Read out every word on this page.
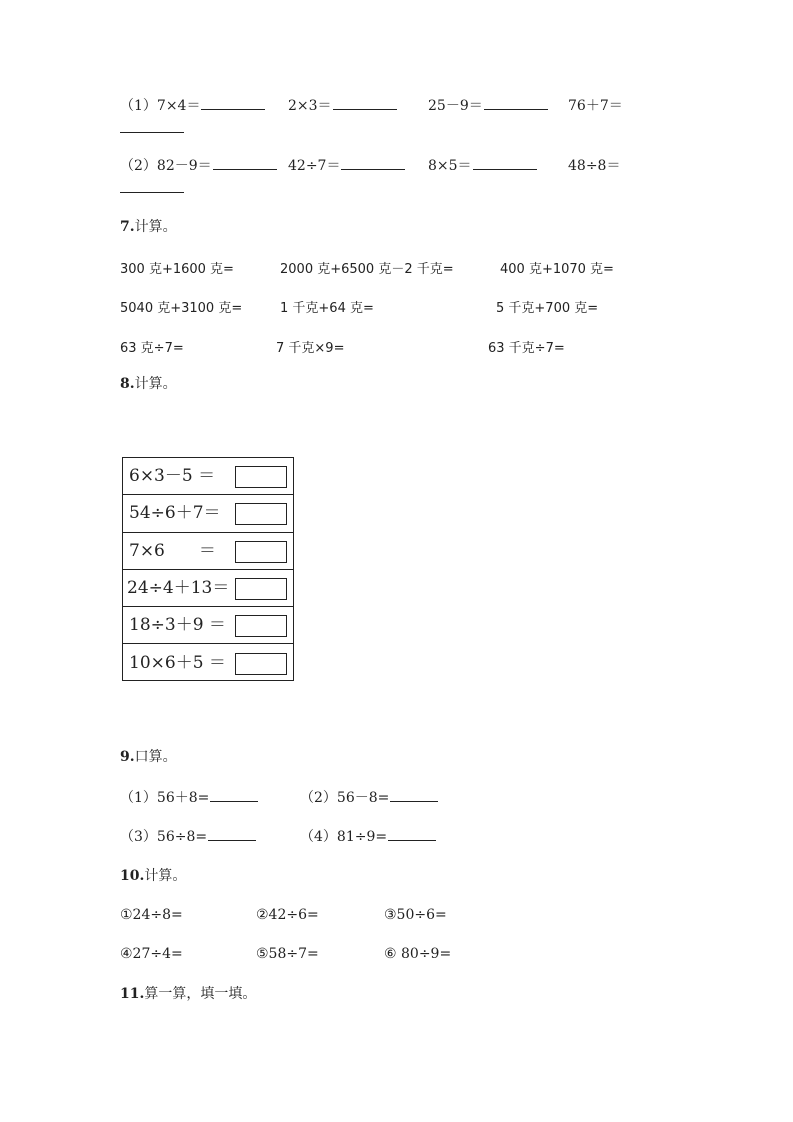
（1）7×4＝	2×3＝	25－9＝	76＋7＝
（2）82－9＝	42÷7＝	8×5＝	48÷8＝
7.计算。
300 克+1600 克=	2000 克+6500 克－2 千克=	400 克+1070 克=
5040 克+3100 克=	1 千克+64 克=	5 千克+700 克=
63 克÷7=	7 千克×9=	63 千克÷7=
8.计算。
6×3－5 ＝
54÷6＋7＝
7×6　　＝
24÷4＋13＝
18÷3＋9 ＝
10×6＋5 ＝
9.口算。
（1）56＋8=	（2）56－8=
（3）56÷8=	（4）81÷9=
10.计算。
①24÷8=	②42÷6=	③50÷6=
④27÷4=	⑤58÷7=	⑥ 80÷9=
11.算一算，填一填。
